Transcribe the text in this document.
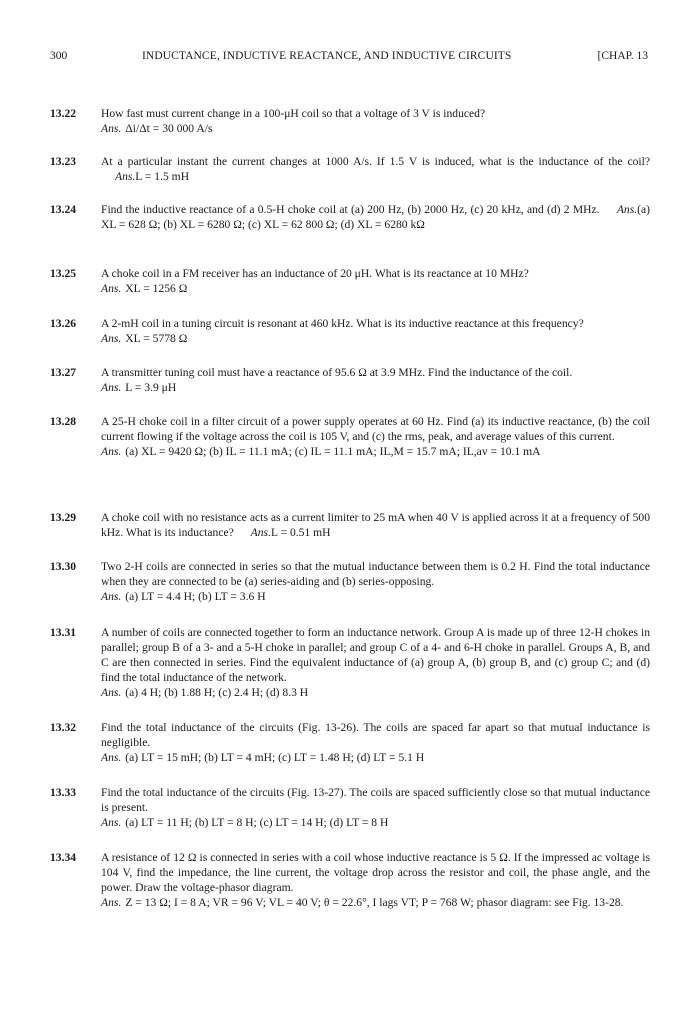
300	INDUCTANCE, INDUCTIVE REACTANCE, AND INDUCTIVE CIRCUITS	[CHAP. 13
13.22 How fast must current change in a 100-μH coil so that a voltage of 3 V is induced?

Ans. Δi/Δt = 30 000 A/s
13.23 At a particular instant the current changes at 1000 A/s. If 1.5 V is induced, what is the inductance of the coil? Ans.L = 1.5 mH

13.24 Find the inductive reactance of a 0.5-H choke coil at (a) 200 Hz, (b) 2000 Hz, (c) 20 kHz, and (d) 2 MHz. Ans.(a) XL = 628 Ω; (b) XL = 6280 Ω; (c) XL = 62 800 Ω; (d) XL = 6280 kΩ

13.25 A choke coil in a FM receiver has an inductance of 20 μH. What is its reactance at 10 MHz?

Ans. XL = 1256 Ω
13.26 A 2-mH coil in a tuning circuit is resonant at 460 kHz. What is its inductive reactance at this frequency?

Ans. XL = 5778 Ω
13.27 A transmitter tuning coil must have a reactance of 95.6 Ω at 3.9 MHz. Find the inductance of the coil.

Ans. L = 3.9 μH
13.28 A 25-H choke coil in a filter circuit of a power supply operates at 60 Hz. Find (a) its inductive reactance, (b) the coil current flowing if the voltage across the coil is 105 V, and (c) the rms, peak, and average values of this current.

Ans. (a) XL = 9420 Ω; (b) IL = 11.1 mA; (c) IL = 11.1 mA; IL,M = 15.7 mA; IL,av = 10.1 mA
13.29 A choke coil with no resistance acts as a current limiter to 25 mA when 40 V is applied across it at a frequency of 500 kHz. What is its inductance? Ans.L = 0.51 mH

13.30 Two 2-H coils are connected in series so that the mutual inductance between them is 0.2 H. Find the total inductance when they are connected to be (a) series-aiding and (b) series-opposing.

Ans. (a) LT = 4.4 H; (b) LT = 3.6 H
13.31 A number of coils are connected together to form an inductance network. Group A is made up of three 12-H chokes in parallel; group B of a 3- and a 5-H choke in parallel; and group C of a 4- and 6-H choke in parallel. Groups A, B, and C are then connected in series. Find the equivalent inductance of (a) group A, (b) group B, and (c) group C; and (d) find the total inductance of the network.

Ans. (a) 4 H; (b) 1.88 H; (c) 2.4 H; (d) 8.3 H
13.32 Find the total inductance of the circuits (Fig. 13-26). The coils are spaced far apart so that mutual inductance is negligible.

Ans. (a) LT = 15 mH; (b) LT = 4 mH; (c) LT = 1.48 H; (d) LT = 5.1 H
13.33 Find the total inductance of the circuits (Fig. 13-27). The coils are spaced sufficiently close so that mutual inductance is present.

Ans. (a) LT = 11 H; (b) LT = 8 H; (c) LT = 14 H; (d) LT = 8 H
13.34 A resistance of 12 Ω is connected in series with a coil whose inductive reactance is 5 Ω. If the impressed ac voltage is 104 V, find the impedance, the line current, the voltage drop across the resistor and coil, the phase angle, and the power. Draw the voltage-phasor diagram.

Ans. Z = 13 Ω; I = 8 A; VR = 96 V; VL = 40 V; θ = 22.6°, I lags VT; P = 768 W; phasor diagram: see Fig. 13-28.
